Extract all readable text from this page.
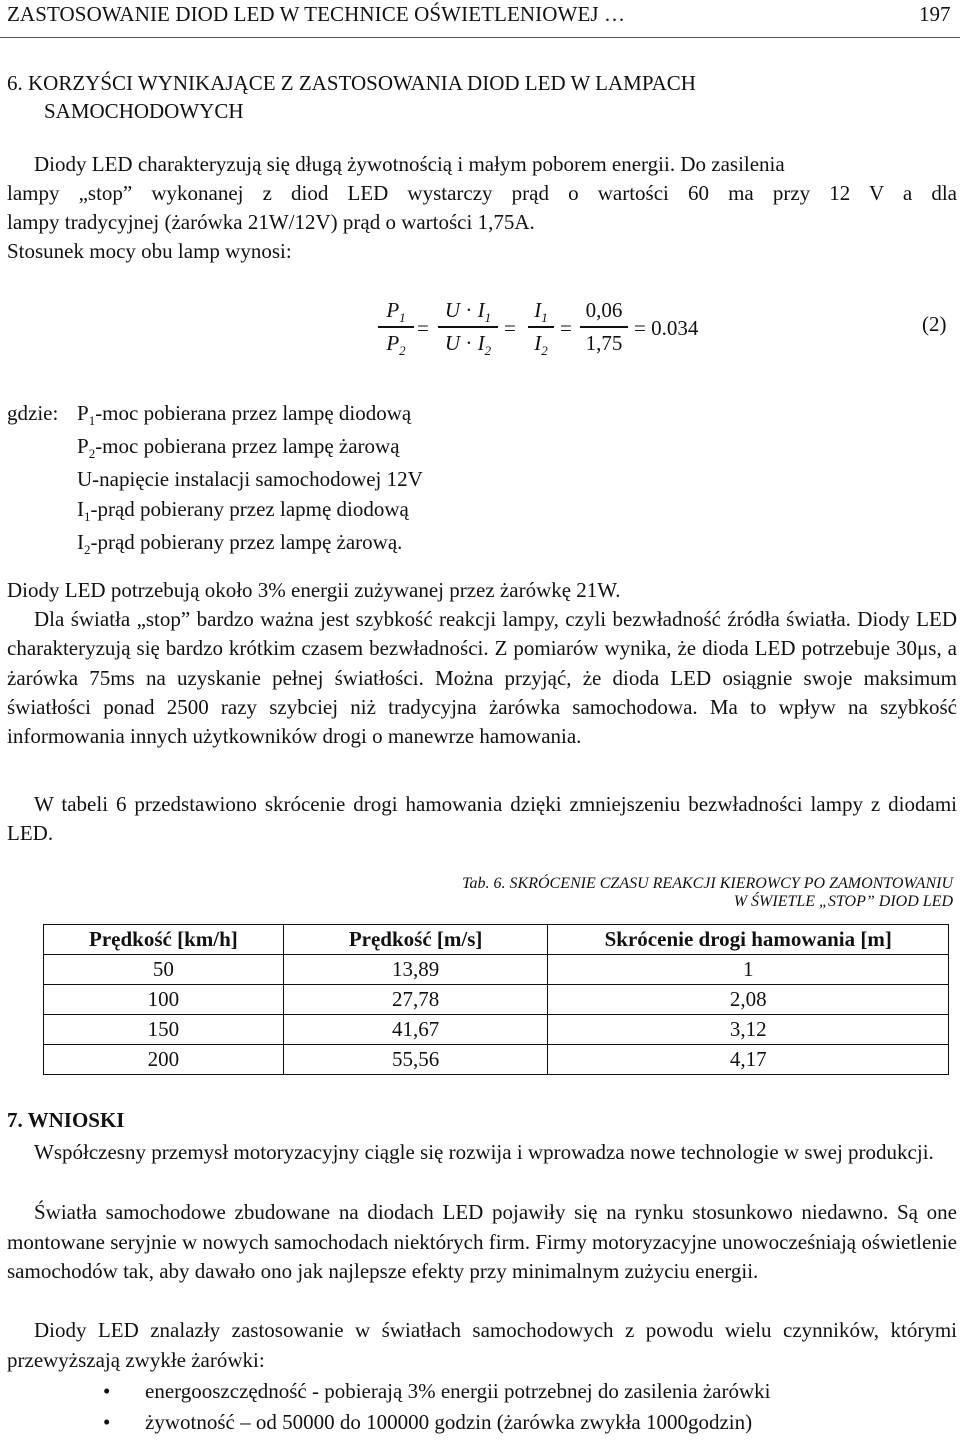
ZASTOSOWANIE DIOD LED W TECHNICE OŚWIETLENIOWEJ …	197
6. KORZYŚCI WYNIKAJĄCE Z ZASTOSOWANIA DIOD LED W LAMPACH
SAMOCHODOWYCH
Diody LED charakteryzują się długą żywotnością i małym poborem energii. Do zasilenia
lampy „stop” wykonanej z diod LED wystarczy prąd o wartości 60 ma przy 12 V a dla
lampy tradycyjnej (żarówka 21W/12V) prąd o wartości 1,75A.
Stosunek mocy obu lamp wynosi:
$P_1$
$P_2$
=
$U \cdot I_1$
$U \cdot I_2$
=
$I_1$
$I_2$
=
0,06
1,75
= 0.034	(2)
gdzie: $P_1$-moc pobierana przez lampę diodową
$P_2$-moc pobierana przez lampę żarową
U-napięcie instalacji samochodowej 12V
$I_1$-prąd pobierany przez lapmę diodową
$I_2$-prąd pobierany przez lampę żarową.
Diody LED potrzebują około 3% energii zużywanej przez żarówkę 21W.
Dla światła „stop” bardzo ważna jest szybkość reakcji lampy, czyli bezwładność źródła światła. Diody LED charakteryzują się bardzo krótkim czasem bezwładności. Z pomiarów wynika, że dioda LED potrzebuje 30μs, a żarówka 75ms na uzyskanie pełnej światłości. Można przyjąć, że dioda LED osiągnie swoje maksimum światłości ponad 2500 razy szybciej niż tradycyjna żarówka samochodowa. Ma to wpływ na szybkość informowania innych użytkowników drogi o manewrze hamowania.
W tabeli 6 przedstawiono skrócenie drogi hamowania dzięki zmniejszeniu bezwładności lampy z diodami LED.
Tab. 6. SKRÓCENIE CZASU REAKCJI KIEROWCY PO ZAMONTOWANIU
W ŚWIETLE „STOP” DIOD LED
Prędkość [km/h]	Prędkość [m/s]	Skrócenie drogi hamowania [m]
50	13,89	1
100	27,78	2,08
150	41,67	3,12
200	55,56	4,17
7. WNIOSKI
Współczesny przemysł motoryzacyjny ciągle się rozwija i wprowadza nowe technologie w swej produkcji.
Światła samochodowe zbudowane na diodach LED pojawiły się na rynku stosunkowo niedawno. Są one montowane seryjnie w nowych samochodach niektórych firm. Firmy motoryzacyjne unowocześniają oświetlenie samochodów tak, aby dawało ono jak najlepsze efekty przy minimalnym zużyciu energii.
Diody LED znalazły zastosowanie w światłach samochodowych z powodu wielu czynników, którymi przewyższają zwykłe żarówki:
• energooszczędność - pobierają 3% energii potrzebnej do zasilenia żarówki
• żywotność – od 50000 do 100000 godzin (żarówka zwykła 1000godzin)
